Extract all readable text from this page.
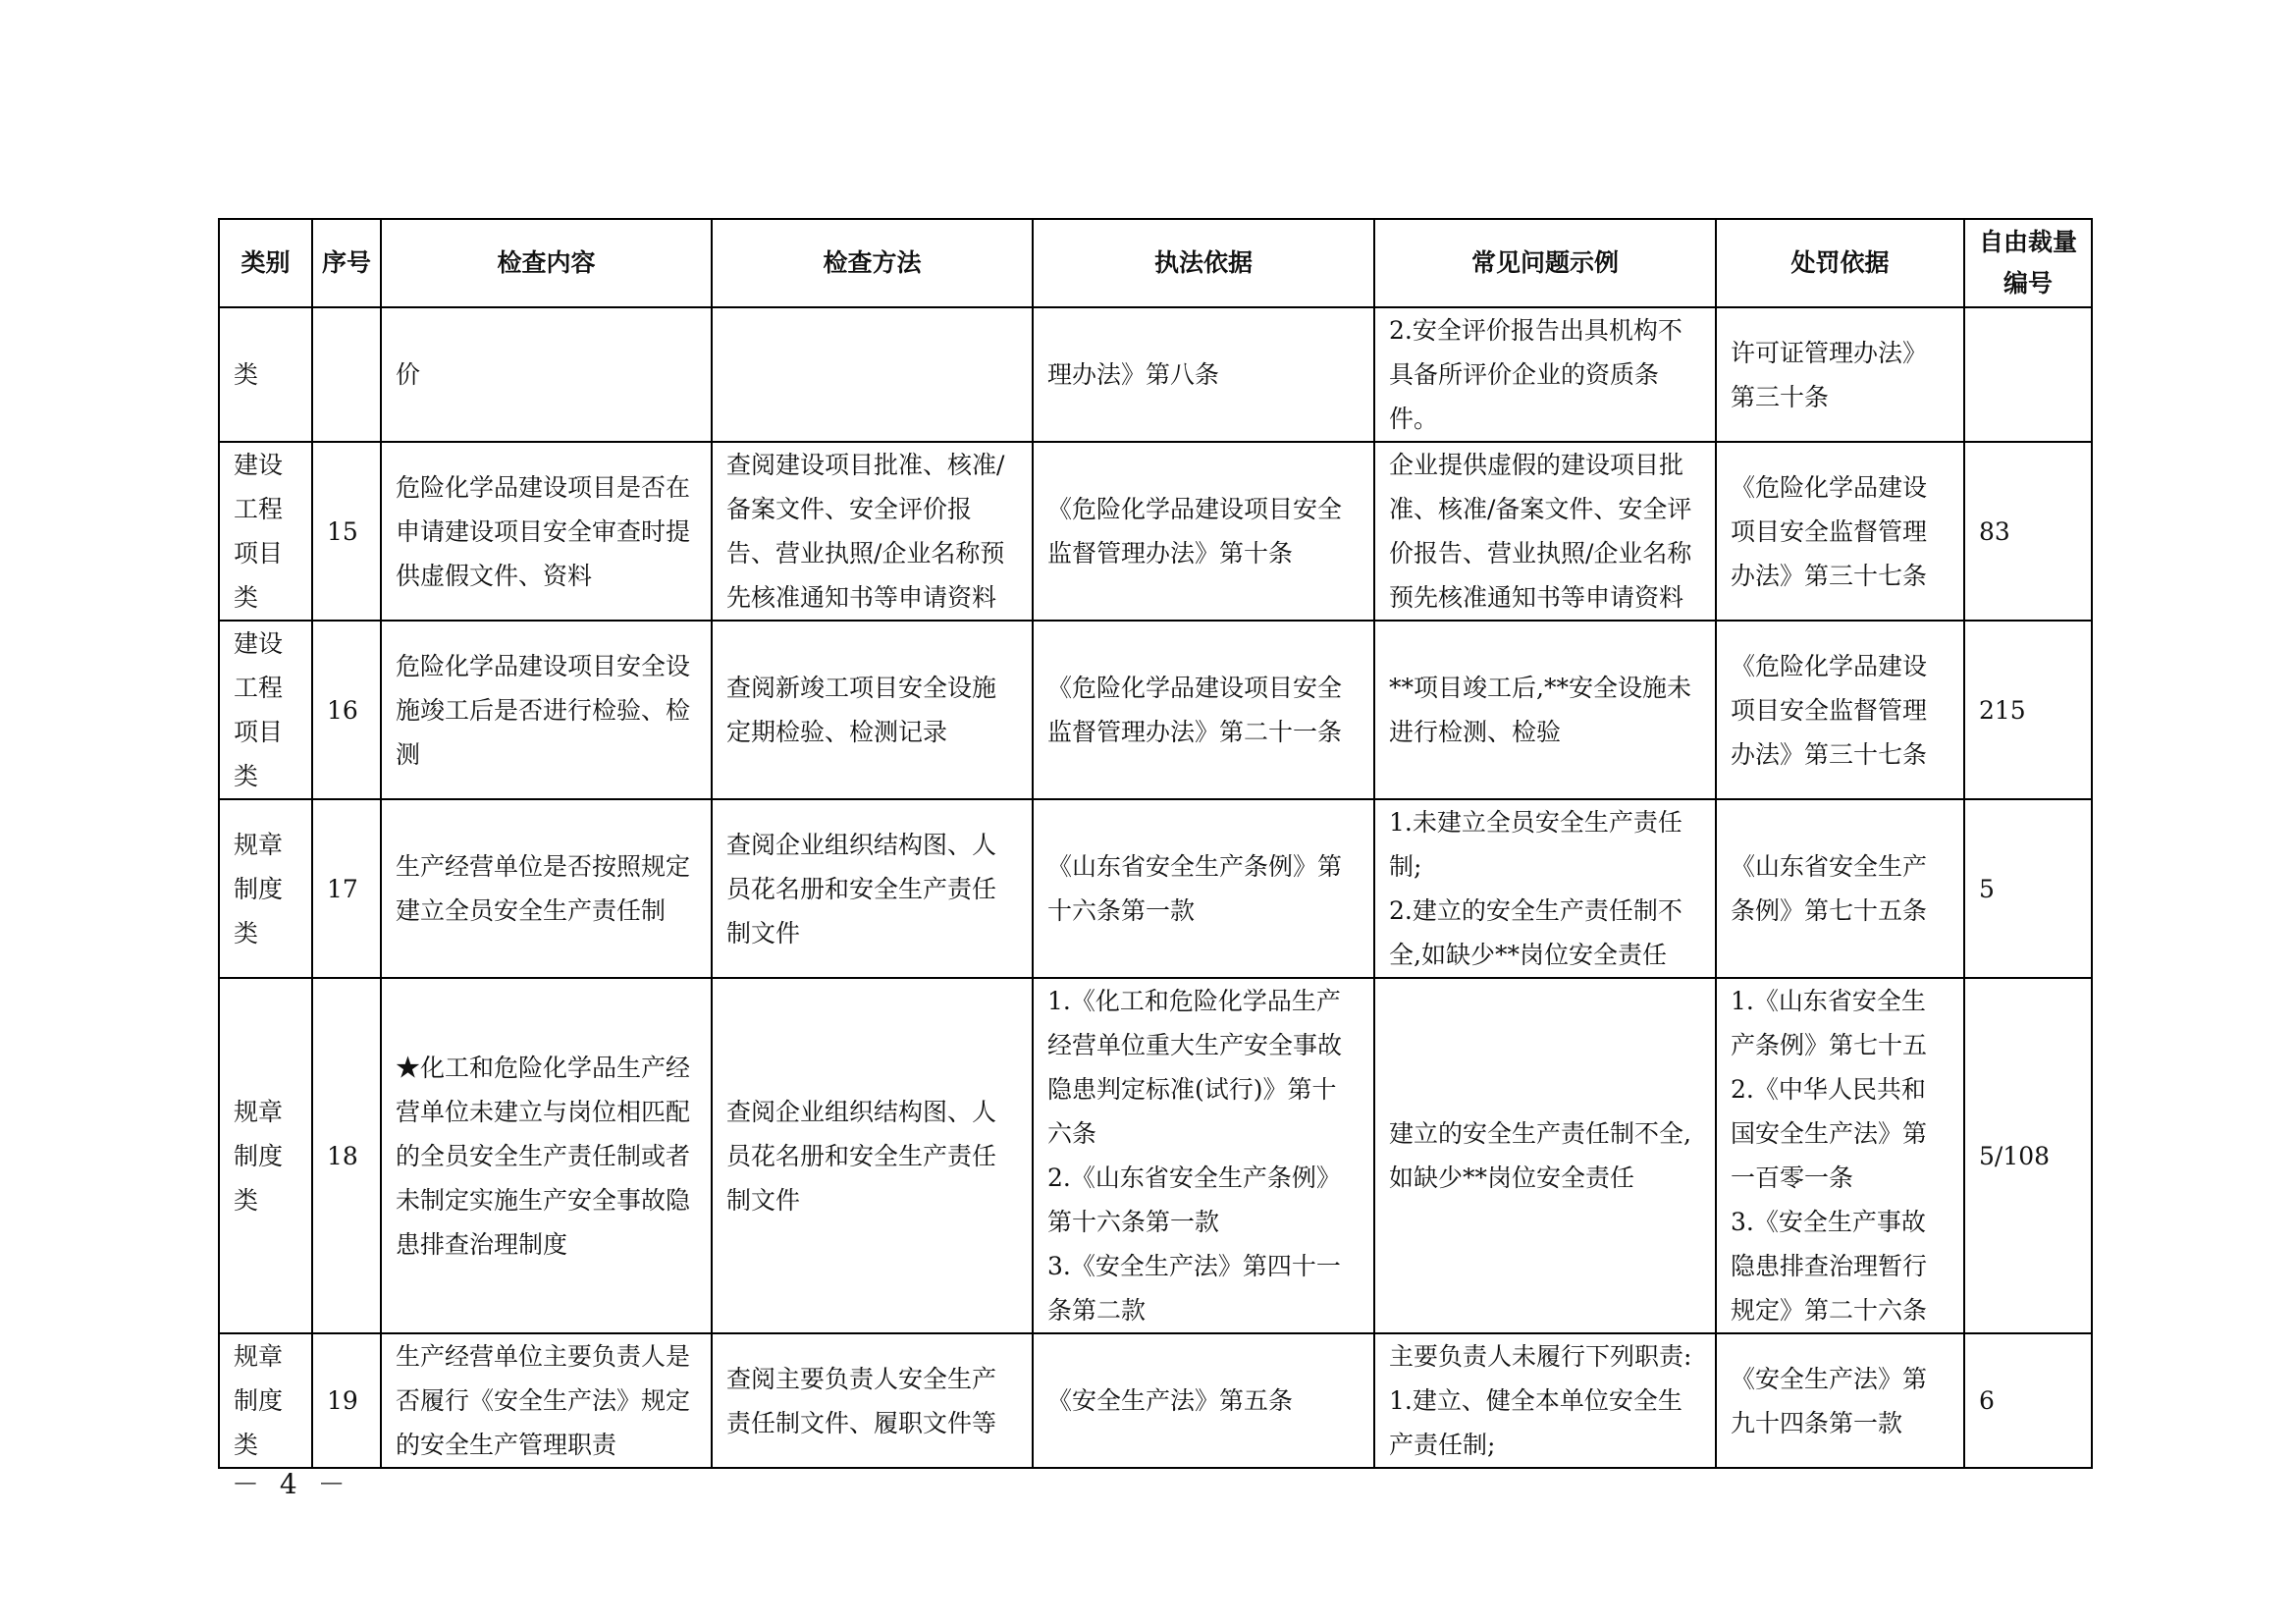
类别	序号	检查内容	检查方法	执法依据	常见问题示例	处罚依据	自由裁量编号
类		价		理办法》第八条	2.安全评价报告出具机构不具备所评价企业的资质条件。	许可证管理办法》第三十条	
建设工程项目类	15	危险化学品建设项目是否在申请建设项目安全审查时提供虚假文件、资料	查阅建设项目批准、核准/备案文件、安全评价报告、营业执照/企业名称预先核准通知书等申请资料	《危险化学品建设项目安全监督管理办法》第十条	企业提供虚假的建设项目批准、核准/备案文件、安全评价报告、营业执照/企业名称预先核准通知书等申请资料	《危险化学品建设项目安全监督管理办法》第三十七条	83
建设工程项目类	16	危险化学品建设项目安全设施竣工后是否进行检验、检测	查阅新竣工项目安全设施定期检验、检测记录	《危险化学品建设项目安全监督管理办法》第二十一条	**项目竣工后,**安全设施未进行检测、检验	《危险化学品建设项目安全监督管理办法》第三十七条	215
规章制度类	17	生产经营单位是否按照规定建立全员安全生产责任制	查阅企业组织结构图、人员花名册和安全生产责任制文件	《山东省安全生产条例》第十六条第一款	1.未建立全员安全生产责任制;
2.建立的安全生产责任制不全,如缺少**岗位安全责任	《山东省安全生产条例》第七十五条	5
规章制度类	18	★化工和危险化学品生产经营单位未建立与岗位相匹配的全员安全生产责任制或者未制定实施生产安全事故隐患排查治理制度	查阅企业组织结构图、人员花名册和安全生产责任制文件	1.《化工和危险化学品生产经营单位重大生产安全事故隐患判定标准(试行)》第十六条
2.《山东省安全生产条例》第十六条第一款
3.《安全生产法》第四十一条第二款	建立的安全生产责任制不全,如缺少**岗位安全责任	1.《山东省安全生产条例》第七十五
2.《中华人民共和国安全生产法》第一百零一条
3.《安全生产事故隐患排查治理暂行规定》第二十六条	5/108
规章制度类	19	生产经营单位主要负责人是否履行《安全生产法》规定的安全生产管理职责	查阅主要负责人安全生产责任制文件、履职文件等	《安全生产法》第五条	主要负责人未履行下列职责:
1.建立、健全本单位安全生产责任制;	《安全生产法》第九十四条第一款	6
－ 4 －
